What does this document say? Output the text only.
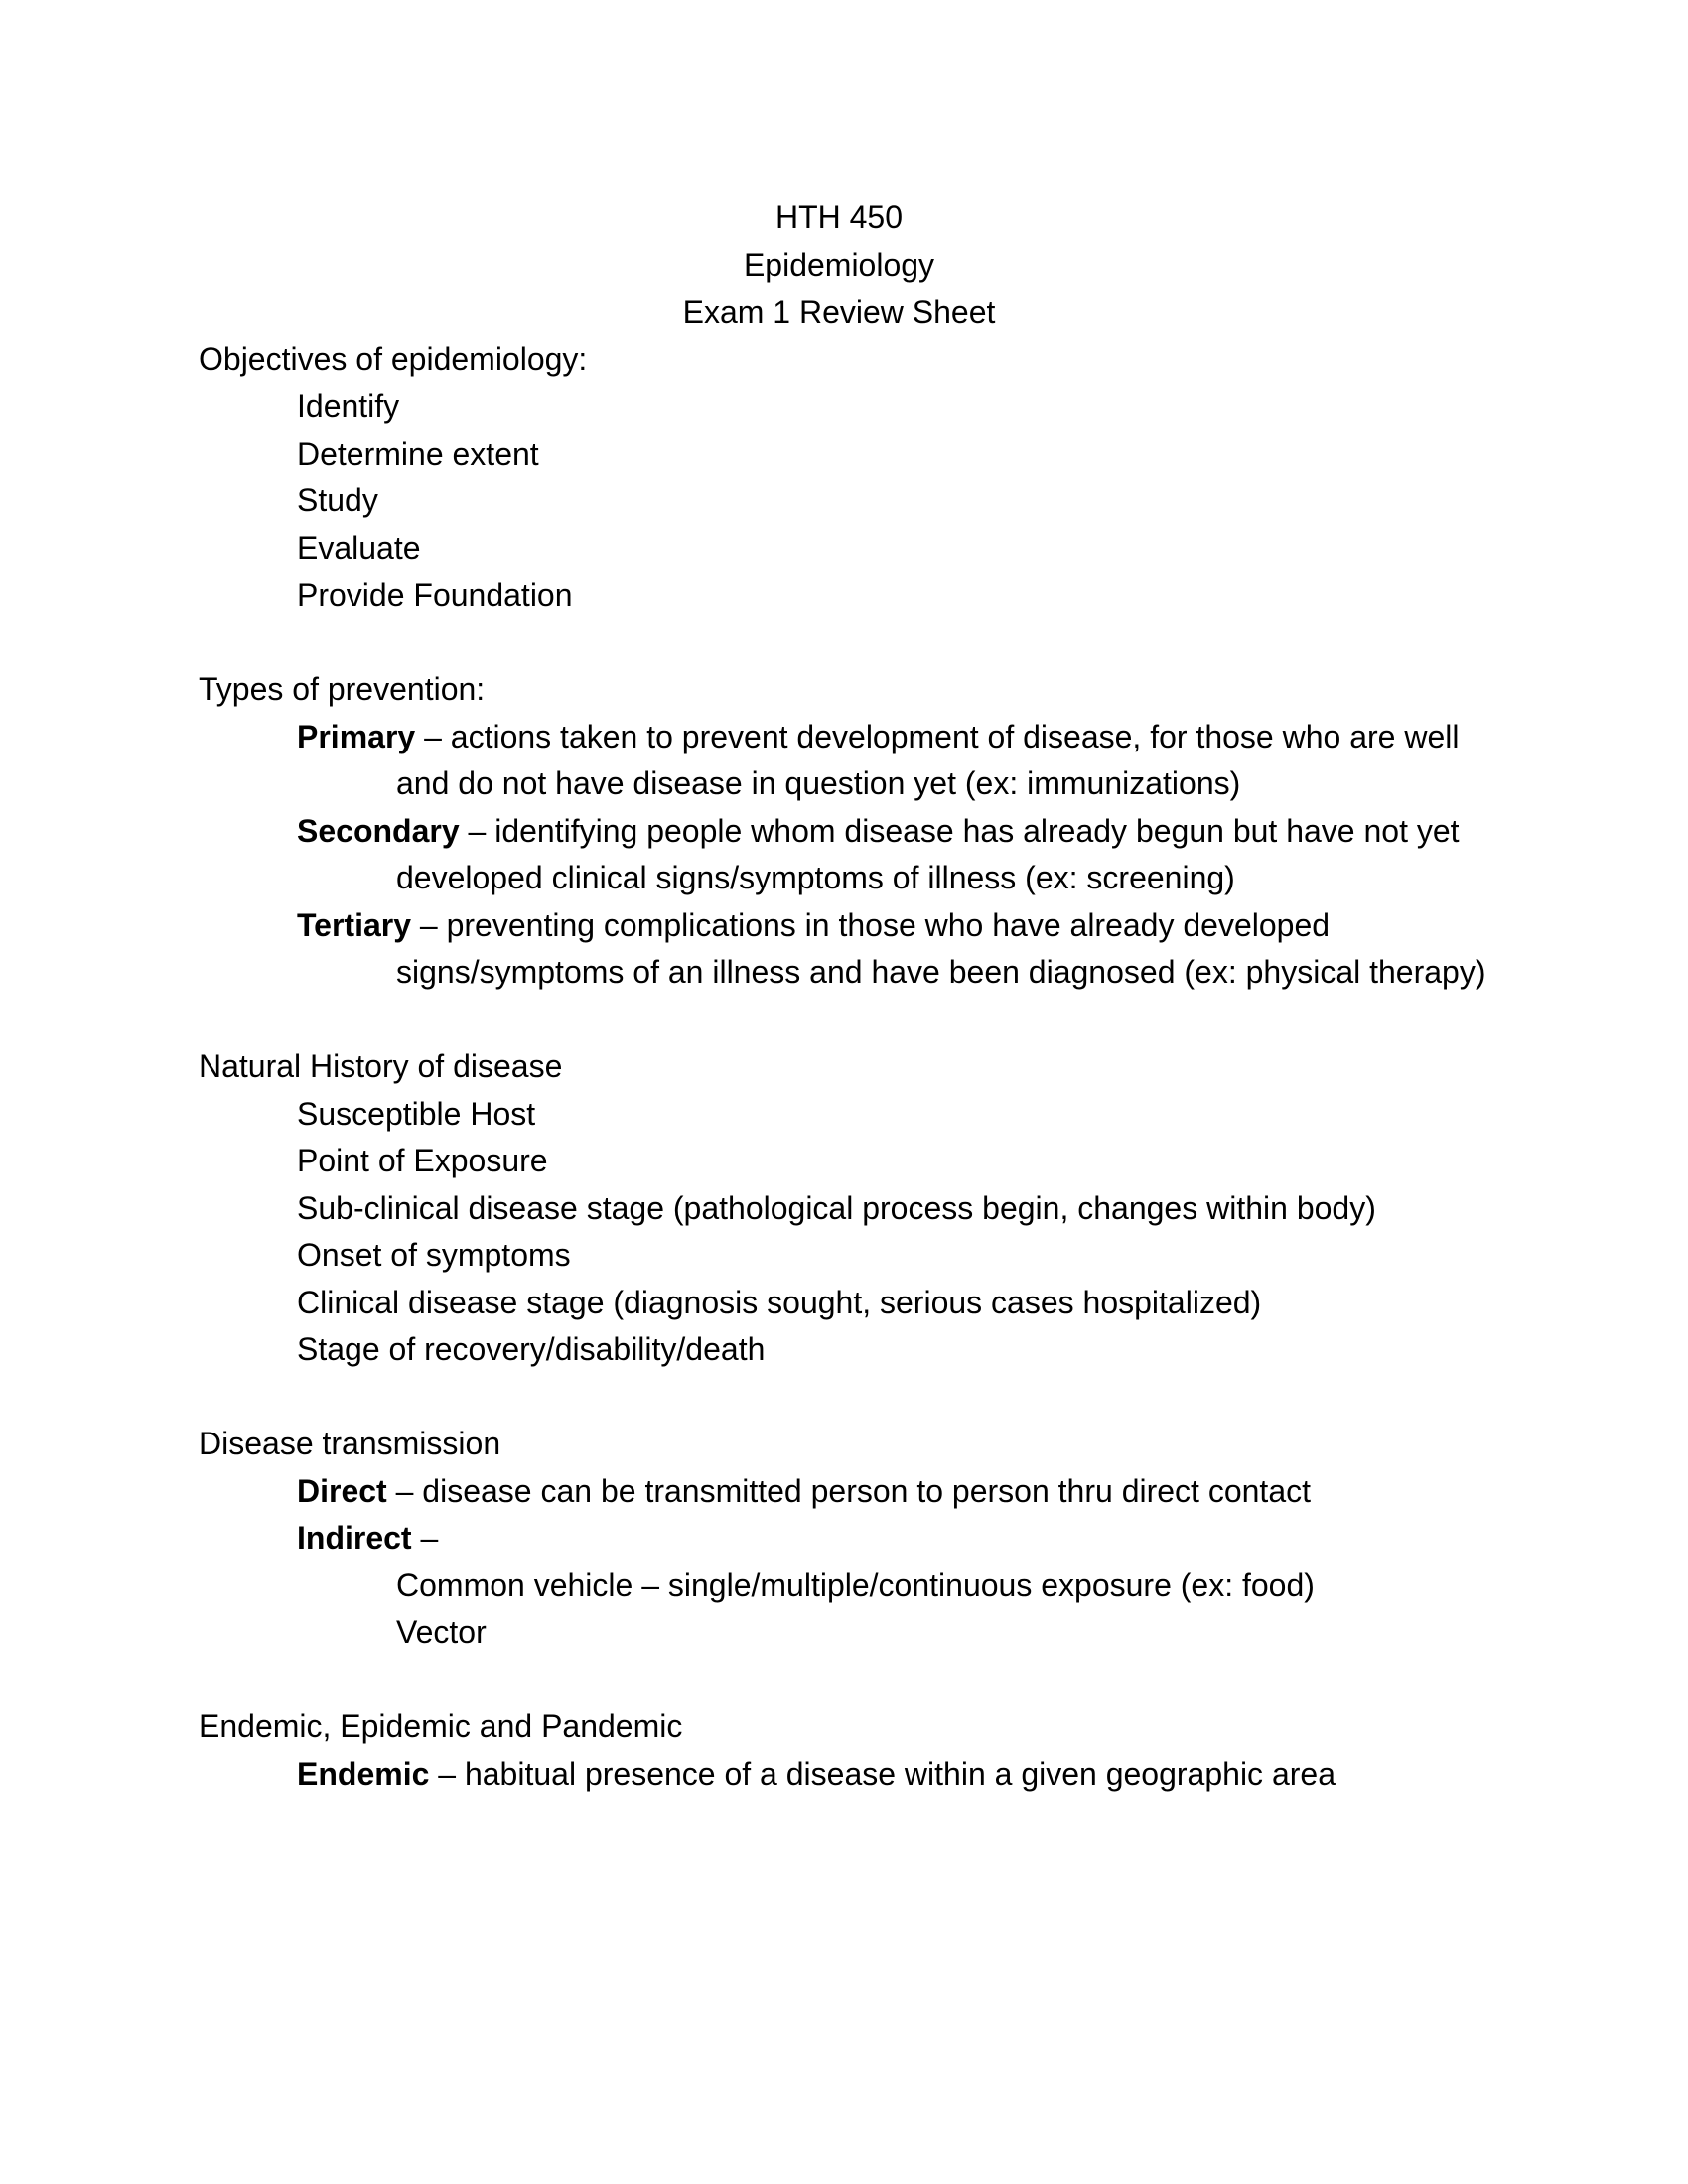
HTH 450
Epidemiology
Exam 1 Review Sheet
Objectives of epidemiology:
Identify
Determine extent
Study
Evaluate
Provide Foundation
Types of prevention:
Primary – actions taken to prevent development of disease, for those who are well and do not have disease in question yet (ex: immunizations)
Secondary – identifying people whom disease has already begun but have not yet developed clinical signs/symptoms of illness (ex: screening)
Tertiary – preventing complications in those who have already developed signs/symptoms of an illness and have been diagnosed (ex: physical therapy)
Natural History of disease
Susceptible Host
Point of Exposure
Sub-clinical disease stage (pathological process begin, changes within body)
Onset of symptoms
Clinical disease stage (diagnosis sought, serious cases hospitalized)
Stage of recovery/disability/death
Disease transmission
Direct – disease can be transmitted person to person thru direct contact
Indirect –
Common vehicle – single/multiple/continuous exposure (ex: food)
Vector
Endemic, Epidemic and Pandemic
Endemic – habitual presence of a disease within a given geographic area
